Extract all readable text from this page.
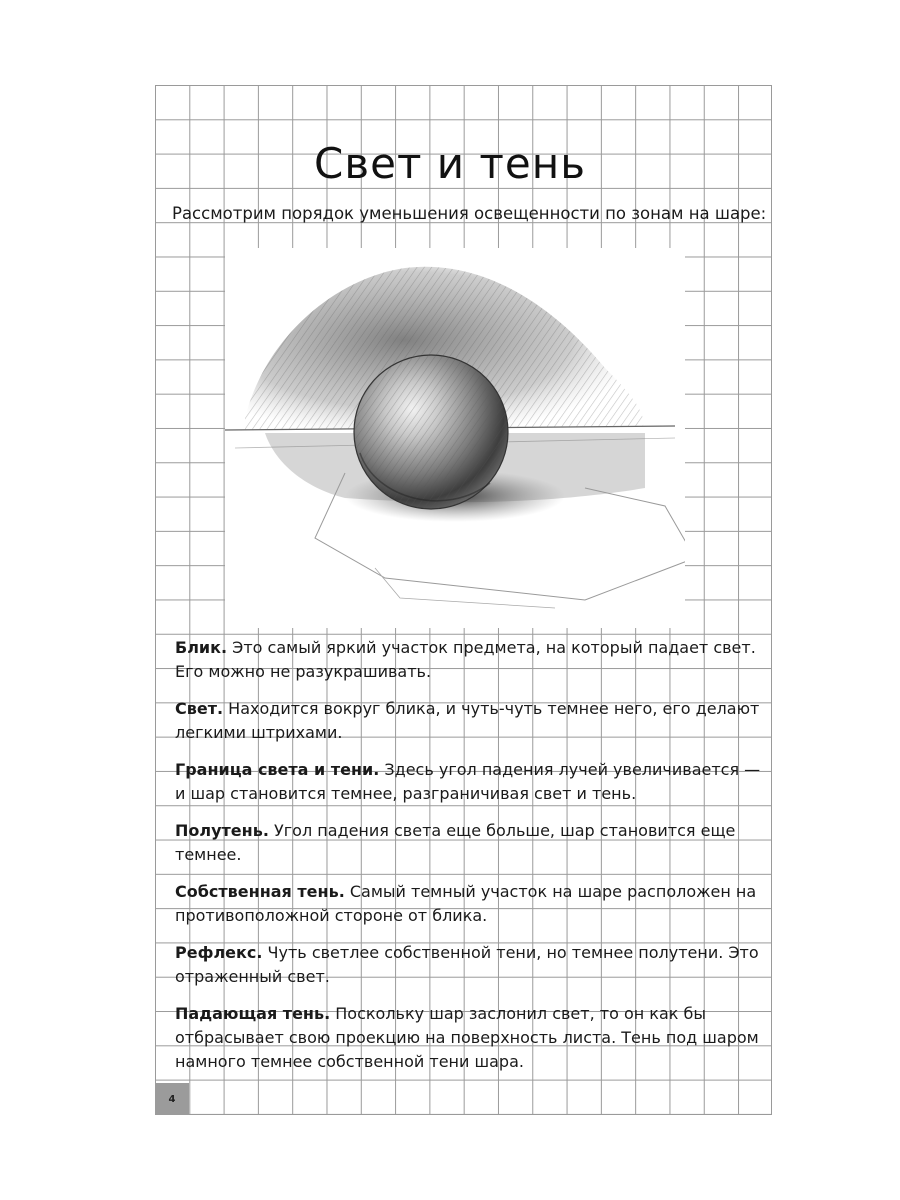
Свет и тень

Рассмотрим порядок уменьшения освещенности по зонам на шаре:

Блик. Это самый яркий участок предмета, на который падает свет. Его можно не разукрашивать.

Свет. Находится вокруг блика, и чуть-чуть темнее него, его делают легкими штрихами.

Граница света и тени. Здесь угол падения лучей увеличивается — и шар становится темнее, разграничивая свет и тень.

Полутень. Угол падения света еще больше, шар становится еще темнее.

Собственная тень. Самый темный участок на шаре расположен на противоположной стороне от блика.

Рефлекс. Чуть светлее собственной тени, но темнее полутени. Это отраженный свет.

Падающая тень. Поскольку шар заслонил свет, то он как бы отбрасывает свою проекцию на поверхность листа. Тень под шаром намного темнее собственной тени шара.

4
